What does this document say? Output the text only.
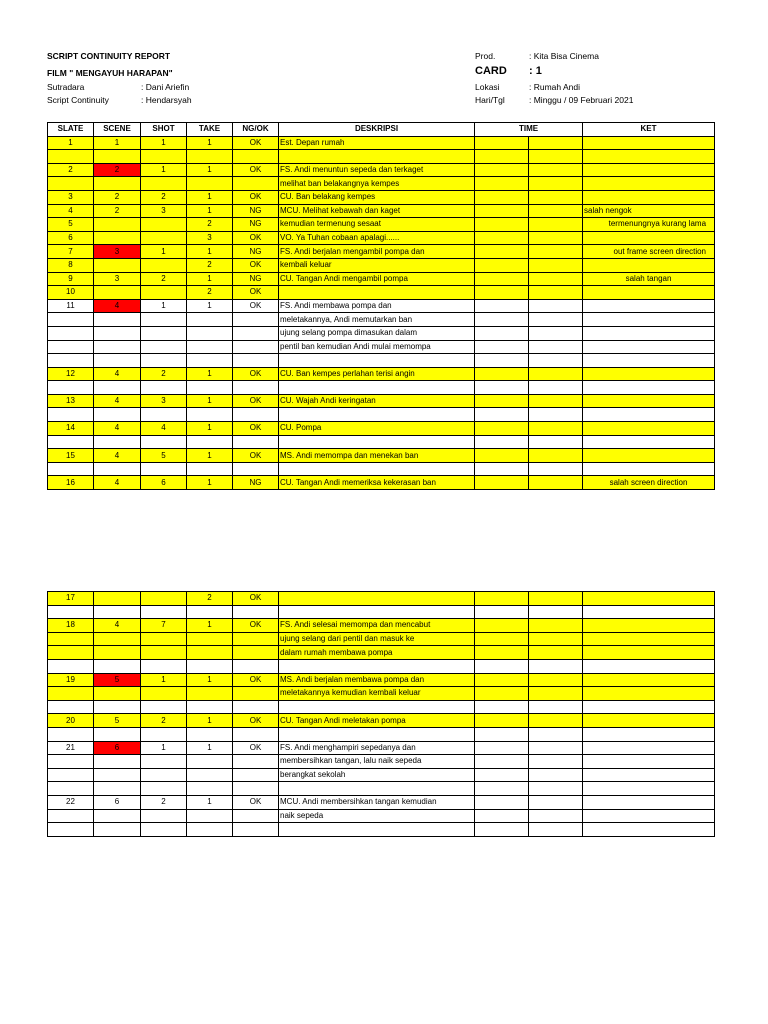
SCRIPT CONTINUITY REPORT
FILM " MENGAYUH HARAPAN"
Sutradara	: Dani Ariefin
Script Continuity	: Hendarsyah
Prod.	: Kita Bisa Cinema
CARD : 1
Lokasi	: Rumah Andi
Hari/Tgl	: Minggu / 09 Februari 2021
SLATE	SCENE	SHOT	TAKE	NG/OK	DESKRIPSI	TIME		KET
1	1	1	1	OK	Est. Depan rumah			

2	2	1	1	OK	FS. Andi menuntun sepeda dan terkaget			
					melihat ban belakangnya kempes			
3	2	2	1	OK	CU. Ban belakang kempes			
4	2	3	1	NG	MCU. Melihat kebawah dan kaget			salah nengok
5			2	NG	kemudian termenung sesaat			termenungnya kurang lama
6			3	OK	VO. Ya Tuhan cobaan apalagi......			
7	3	1	1	NG	FS. Andi berjalan mengambil pompa dan			out frame screen direction
8			2	OK	kembali keluar			
9	3	2	1	NG	CU. Tangan Andi mengambil pompa			salah tangan
10			2	OK				
11	4	1	1	OK	FS. Andi membawa pompa dan			
					meletakannya, Andi memutarkan ban			
					ujung selang pompa dimasukan dalam			
					pentil ban kemudian Andi mulai memompa			

12	4	2	1	OK	CU. Ban kempes perlahan terisi angin			

13	4	3	1	OK	CU. Wajah Andi keringatan			

14	4	4	1	OK	CU. Pompa			

15	4	5	1	OK	MS. Andi memompa dan menekan ban			

16	4	6	1	NG	CU. Tangan Andi memeriksa kekerasan ban			salah screen direction
17			2	OK				

18	4	7	1	OK	FS. Andi selesai memompa dan mencabut			
					ujung selang dari pentil dan masuk ke			
					dalam rumah membawa pompa			

19	5	1	1	OK	MS. Andi berjalan membawa pompa dan			
					meletakannya kemudian kembali keluar			

20	5	2	1	OK	CU. Tangan Andi meletakan pompa			

21	6	1	1	OK	FS. Andi menghampiri sepedanya dan			
					membersihkan tangan, lalu naik sepeda			
					berangkat sekolah			

22	6	2	1	OK	MCU. Andi membersihkan tangan kemudian			
					naik sepeda			
